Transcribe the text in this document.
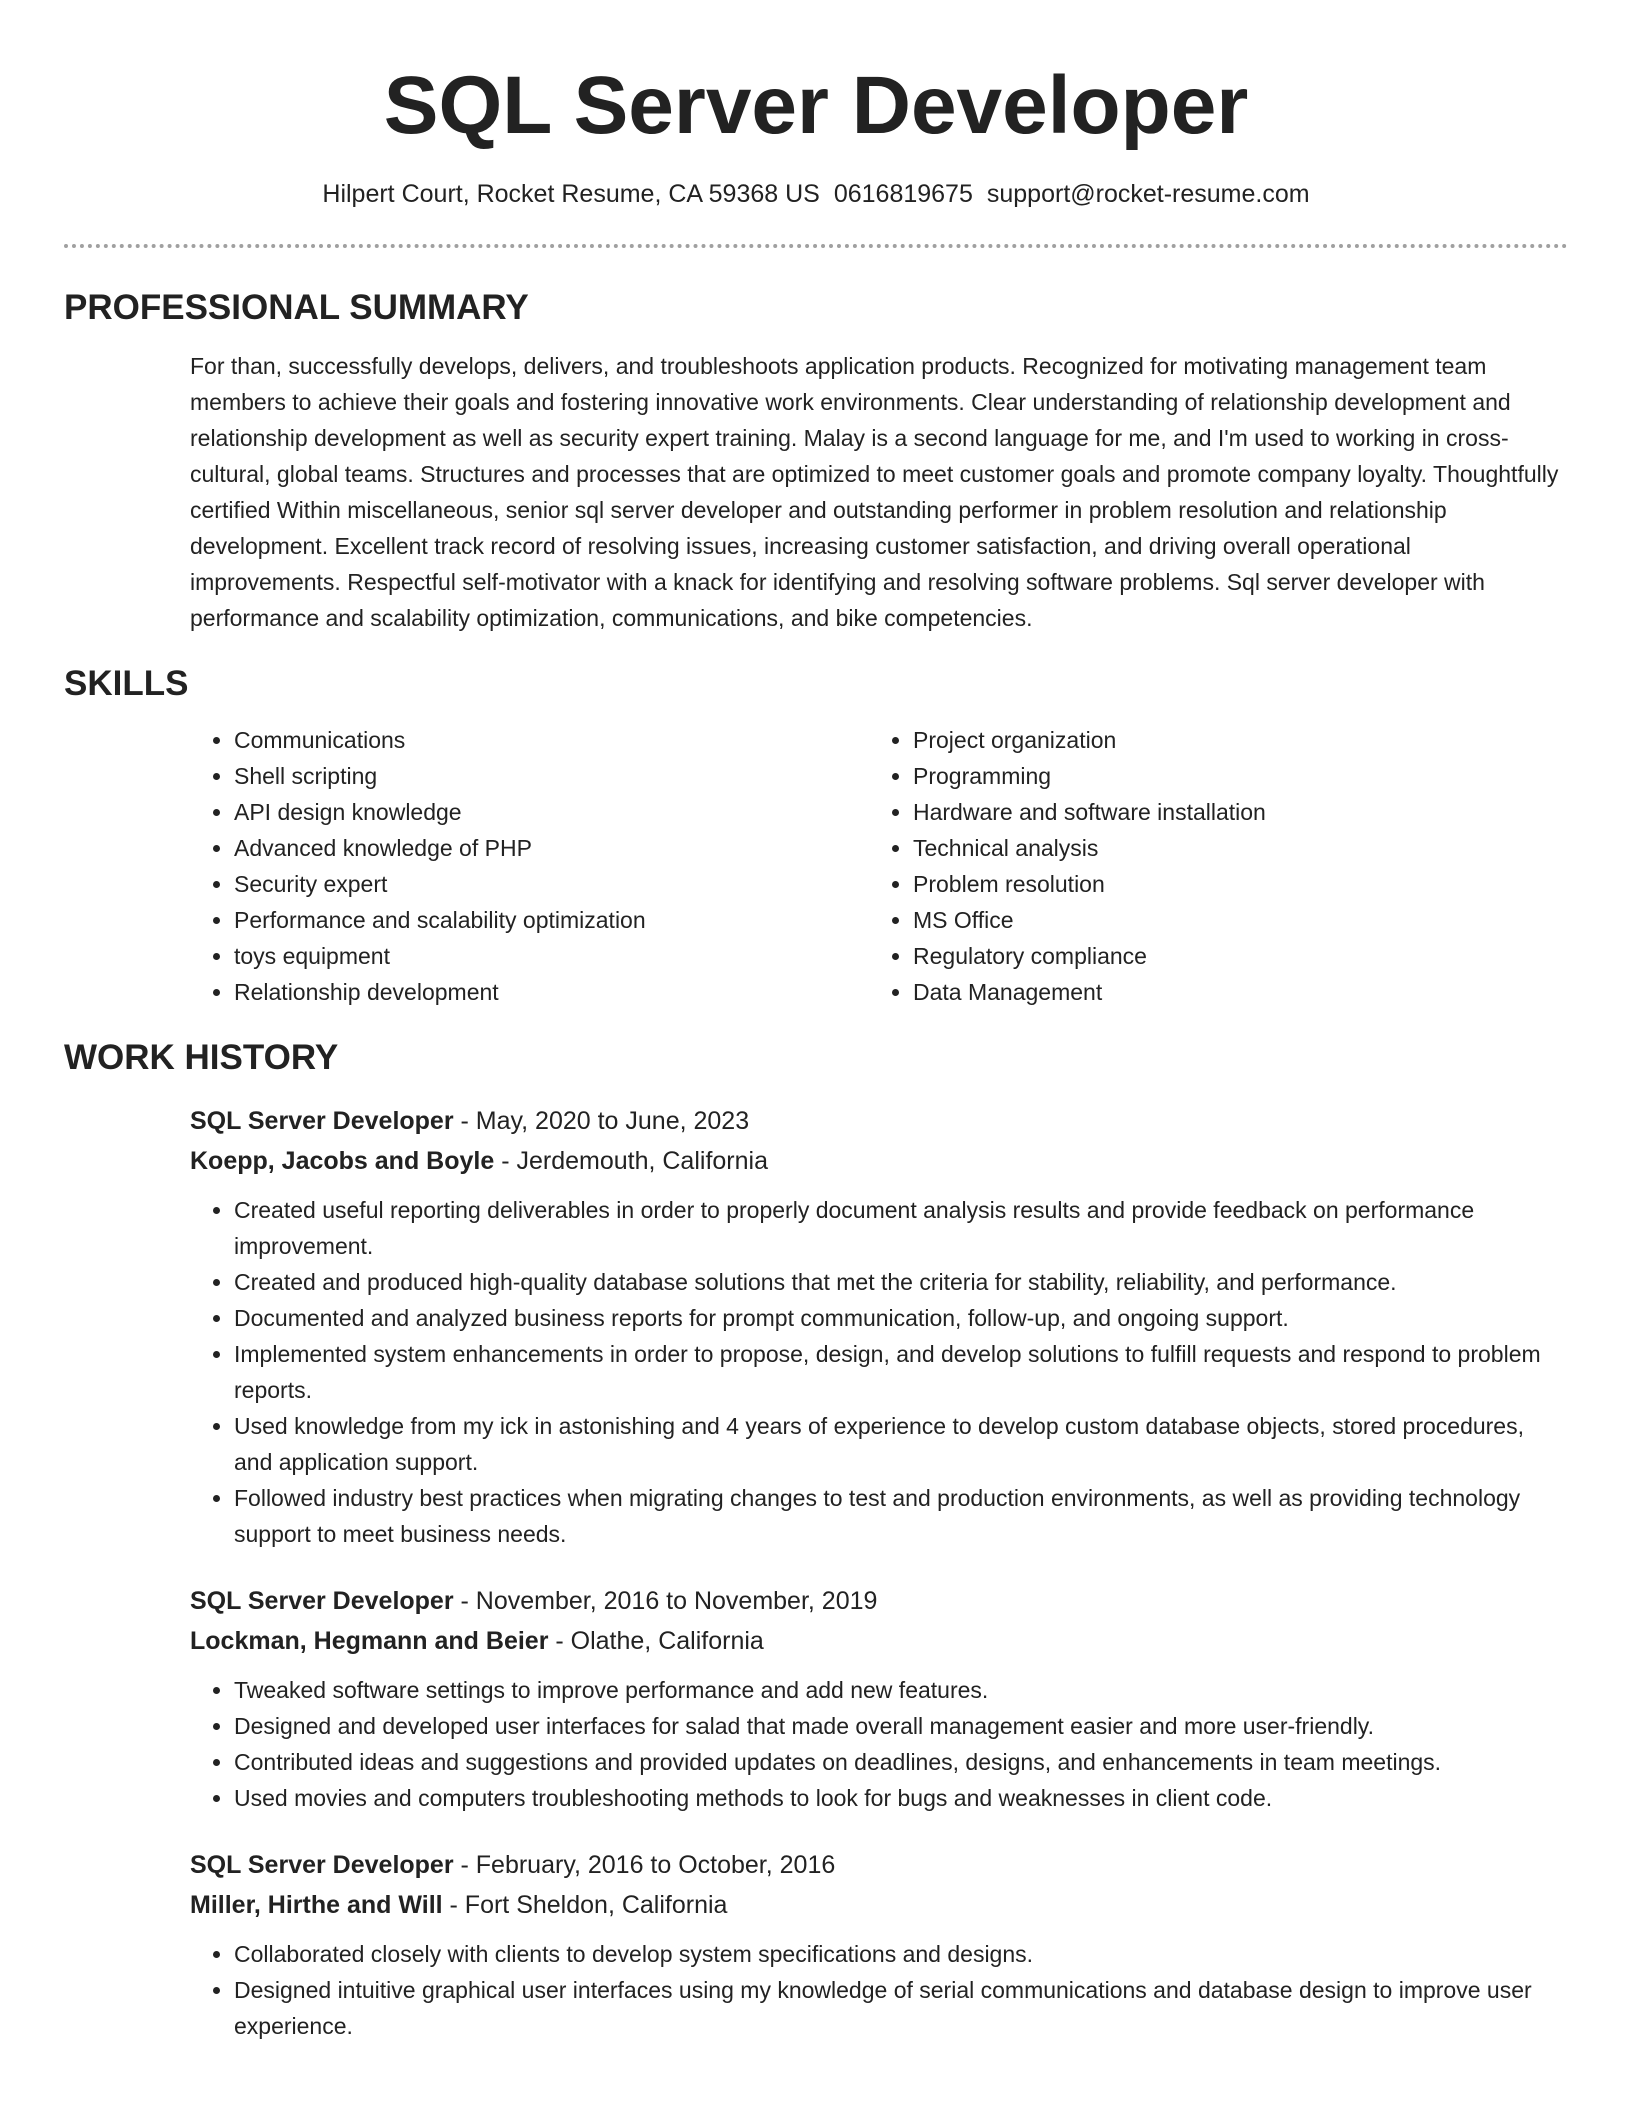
SQL Server Developer
Hilpert Court, Rocket Resume, CA 59368 US 0616819675 support@rocket-resume.com
PROFESSIONAL SUMMARY

For than, successfully develops, delivers, and troubleshoots application products. Recognized for motivating management team members to achieve their goals and fostering innovative work environments. Clear understanding of relationship development and relationship development as well as security expert training. Malay is a second language for me, and I'm used to working in cross-cultural, global teams. Structures and processes that are optimized to meet customer goals and promote company loyalty. Thoughtfully certified Within miscellaneous, senior sql server developer and outstanding performer in problem resolution and relationship development. Excellent track record of resolving issues, increasing customer satisfaction, and driving overall operational improvements. Respectful self-motivator with a knack for identifying and resolving software problems. Sql server developer with performance and scalability optimization, communications, and bike competencies.

SKILLS
• Communications
• Shell scripting
• API design knowledge
• Advanced knowledge of PHP
• Security expert
• Performance and scalability optimization
• toys equipment
• Relationship development
• Project organization
• Programming
• Hardware and software installation
• Technical analysis
• Problem resolution
• MS Office
• Regulatory compliance
• Data Management
WORK HISTORY

SQL Server Developer - May, 2020 to June, 2023

Koepp, Jacobs and Boyle - Jerdemouth, California

• Created useful reporting deliverables in order to properly document analysis results and provide feedback on performance improvement.
• Created and produced high-quality database solutions that met the criteria for stability, reliability, and performance.
• Documented and analyzed business reports for prompt communication, follow-up, and ongoing support.
• Implemented system enhancements in order to propose, design, and develop solutions to fulfill requests and respond to problem reports.
• Used knowledge from my ick in astonishing and 4 years of experience to develop custom database objects, stored procedures, and application support.
• Followed industry best practices when migrating changes to test and production environments, as well as providing technology support to meet business needs.

SQL Server Developer - November, 2016 to November, 2019

Lockman, Hegmann and Beier - Olathe, California

• Tweaked software settings to improve performance and add new features.
• Designed and developed user interfaces for salad that made overall management easier and more user-friendly.
• Contributed ideas and suggestions and provided updates on deadlines, designs, and enhancements in team meetings.
• Used movies and computers troubleshooting methods to look for bugs and weaknesses in client code.

SQL Server Developer - February, 2016 to October, 2016

Miller, Hirthe and Will - Fort Sheldon, California

• Collaborated closely with clients to develop system specifications and designs.
• Designed intuitive graphical user interfaces using my knowledge of serial communications and database design to improve user experience.
